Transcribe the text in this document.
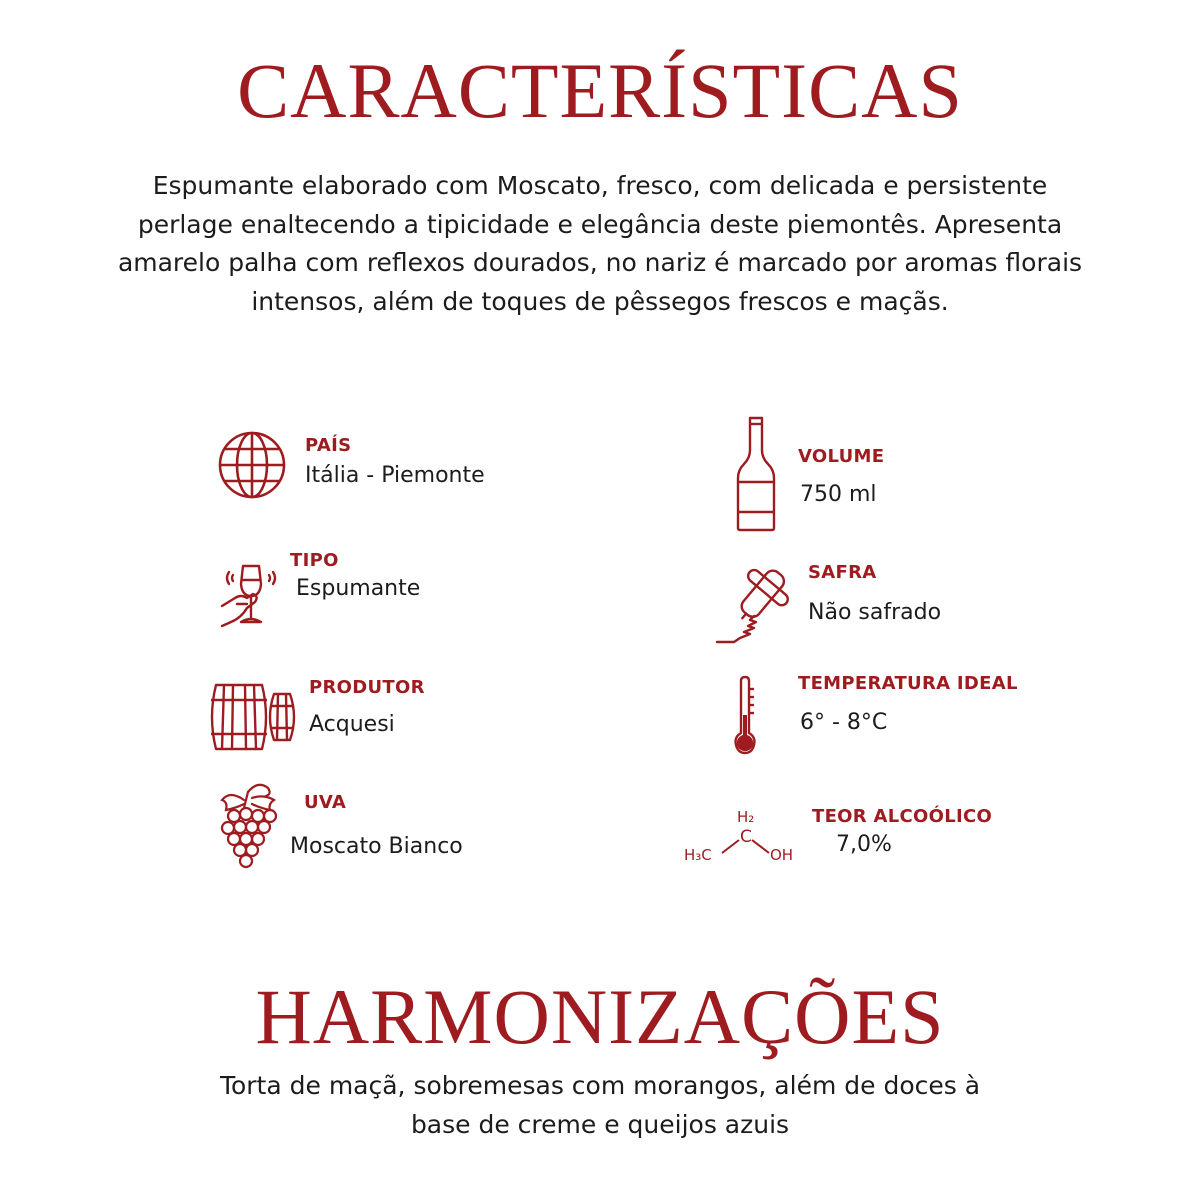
CARACTERÍSTICAS

Espumante elaborado com Moscato, fresco, com delicada e persistente perlage enaltecendo a tipicidade e elegância deste piemontês. Apresenta amarelo palha com reflexos dourados, no nariz é marcado por aromas florais intensos, além de toques de pêssegos frescos e maçãs.

PAÍS
Itália - Piemonte
TIPO
Espumante
PRODUTOR
Acquesi
UVA
Moscato Bianco
VOLUME
750 ml
SAFRA
Não safrado
TEMPERATURA IDEAL
6° - 8°C
H₂
C
H₃C	OH
TEOR ALCOÓLICO
7,0%
HARMONIZAÇÕES

Torta de maçã, sobremesas com morangos, além de doces à base de creme e queijos azuis
